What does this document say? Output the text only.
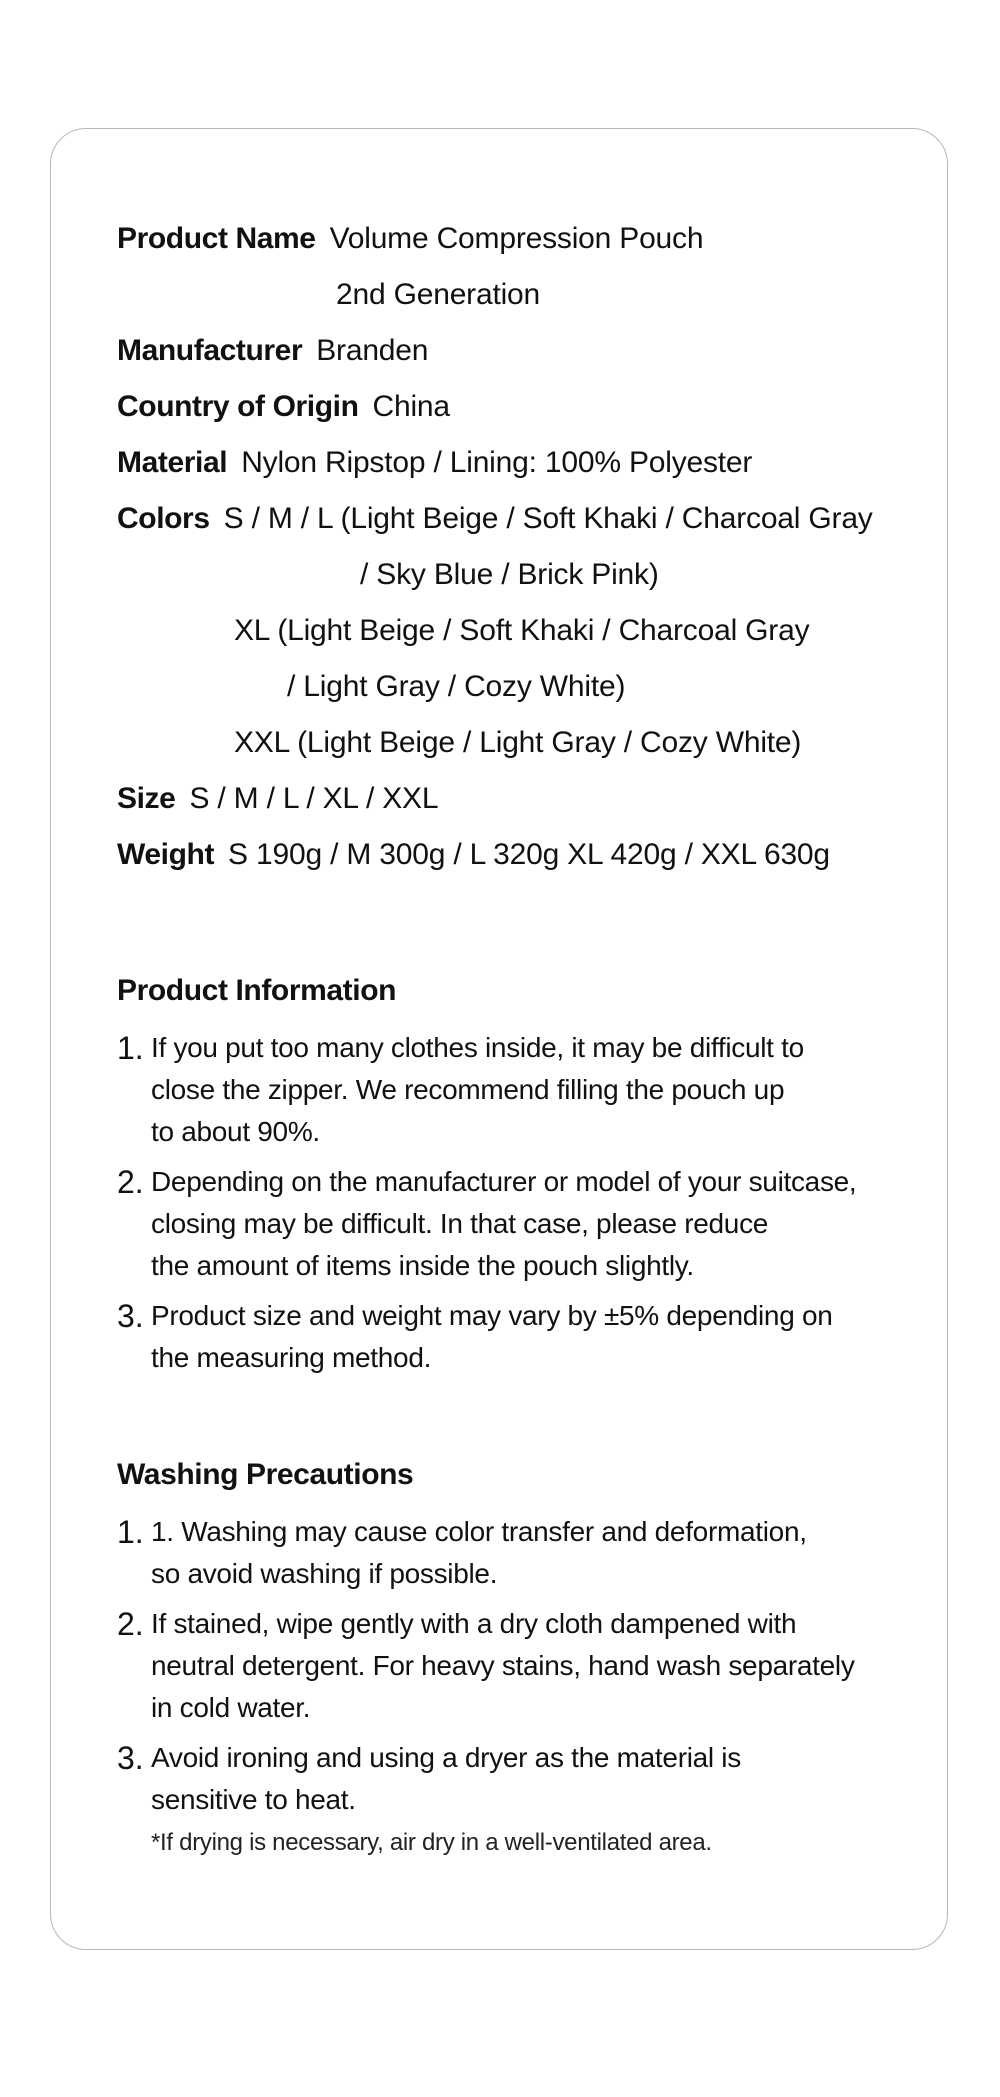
Product Name Volume Compression Pouch
2nd Generation
Manufacturer Branden
Country of Origin China
Material Nylon Ripstop / Lining: 100% Polyester
Colors S / M / L (Light Beige / Soft Khaki / Charcoal Gray
/ Sky Blue / Brick Pink)
XL (Light Beige / Soft Khaki / Charcoal Gray
/ Light Gray / Cozy White)
XXL (Light Beige / Light Gray / Cozy White)
Size S / M / L / XL / XXL
Weight S 190g / M 300g / L 320g XL 420g / XXL 630g
Product Information
1. If you put too many clothes inside, it may be difficult to
close the zipper. We recommend filling the pouch up
to about 90%.
2. Depending on the manufacturer or model of your suitcase,
closing may be difficult. In that case, please reduce
the amount of items inside the pouch slightly.
3. Product size and weight may vary by ±5% depending on
the measuring method.
Washing Precautions
1. 1. Washing may cause color transfer and deformation,
so avoid washing if possible.
2. If stained, wipe gently with a dry cloth dampened with
neutral detergent. For heavy stains, hand wash separately
in cold water.
3. Avoid ironing and using a dryer as the material is
sensitive to heat.
*If drying is necessary, air dry in a well-ventilated area.
